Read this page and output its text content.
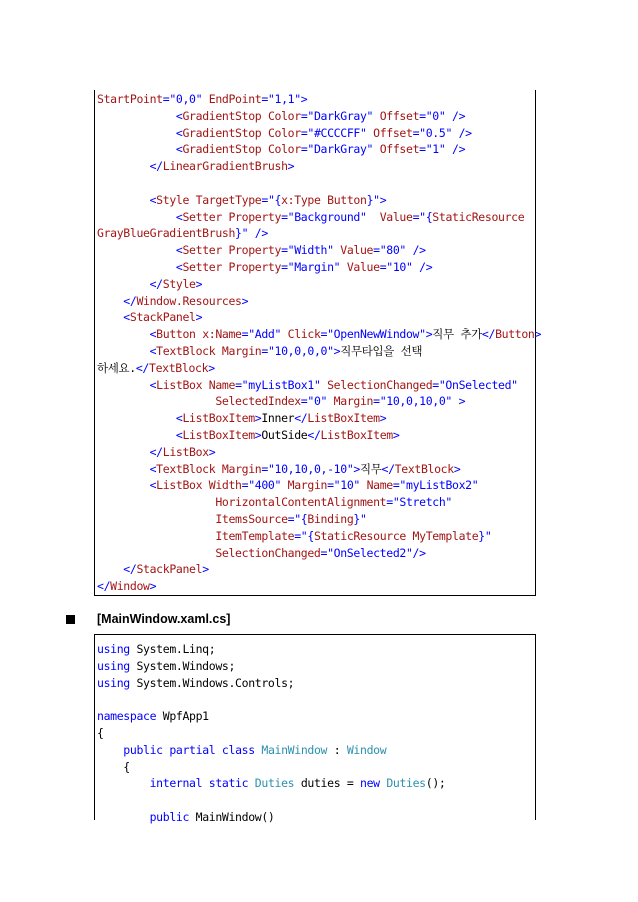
StartPoint="0,0" EndPoint="1,1">
<GradientStop Color="DarkGray" Offset="0" />
<GradientStop Color="#CCCCFF" Offset="0.5" />
<GradientStop Color="DarkGray" Offset="1" />
</LinearGradientBrush>
<Style TargetType="{x:Type Button}">
<Setter Property="Background"  Value="{StaticResource
GrayBlueGradientBrush}" />
<Setter Property="Width" Value="80" />
<Setter Property="Margin" Value="10" />
</Style>
</Window.Resources>
<StackPanel>
<Button x:Name="Add" Click="OpenNewWindow">직무 추가</Button>
<TextBlock Margin="10,0,0,0">직무타입을 선택
하세요.</TextBlock>
<ListBox Name="myListBox1" SelectionChanged="OnSelected"
SelectedIndex="0" Margin="10,0,10,0" >
<ListBoxItem>Inner</ListBoxItem>
<ListBoxItem>OutSide</ListBoxItem>
</ListBox>
<TextBlock Margin="10,10,0,-10">직무</TextBlock>
<ListBox Width="400" Margin="10" Name="myListBox2"
HorizontalContentAlignment="Stretch"
ItemsSource="{Binding}"
ItemTemplate="{StaticResource MyTemplate}"
SelectionChanged="OnSelected2"/>
</StackPanel>
</Window>
[MainWindow.xaml.cs]
using System.Linq;
using System.Windows;
using System.Windows.Controls;
namespace WpfApp1
{
public partial class MainWindow : Window
{
internal static Duties duties = new Duties();
public MainWindow()
